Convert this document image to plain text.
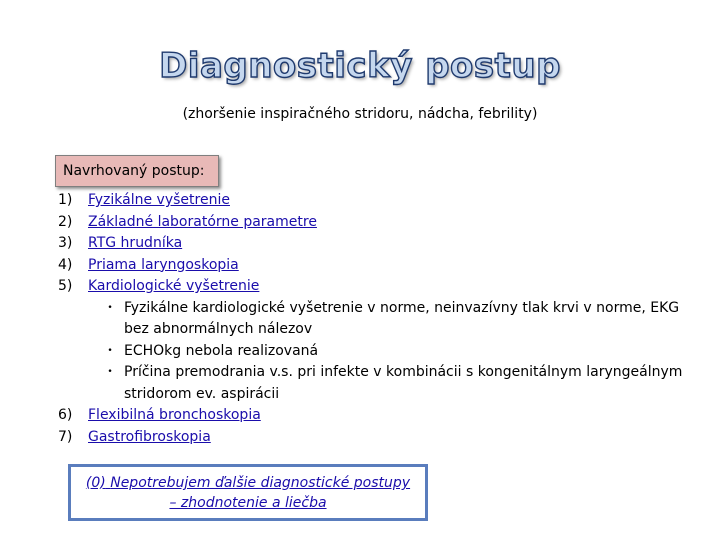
Diagnostický postup
(zhoršenie inspiračného stridoru, nádcha, febrility)
Navrhovaný postup:
1)	Fyzikálne vyšetrenie
2)	Základné laboratórne parametre
3)	RTG hrudníka
4)	Priama laryngoskopia
5)	Kardiologické vyšetrenie
• Fyzikálne kardiologické vyšetrenie v norme, neinvazívny tlak krvi v norme, EKG bez abnormálnych nálezov
• ECHOkg nebola realizovaná
• Príčina premodrania v.s. pri infekte v kombinácii s kongenitálnym laryngeálnym stridorom ev. aspirácii
6)	Flexibilná bronchoskopia
7)	Gastrofibroskopia
(0) Nepotrebujem ďalšie diagnostické postupy
– zhodnotenie a liečba
